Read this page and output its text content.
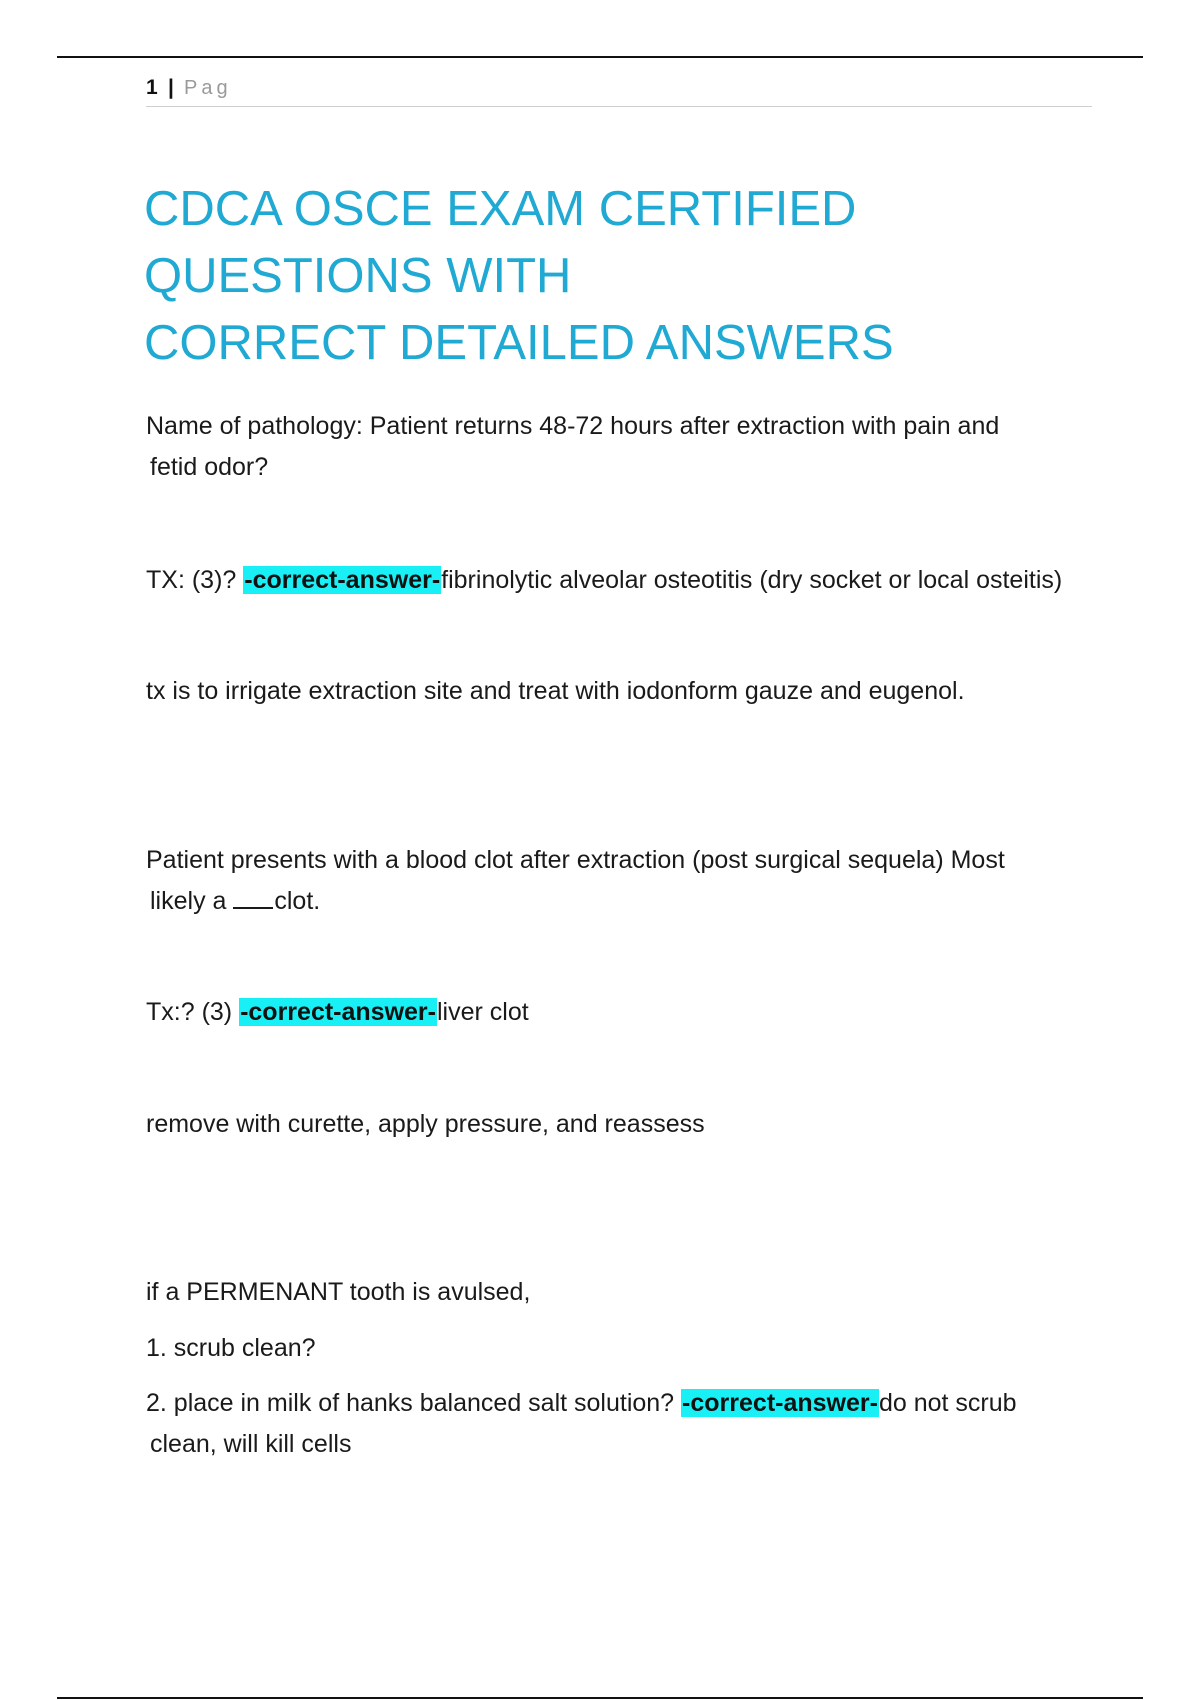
1 | Pag
CDCA OSCE EXAM CERTIFIED QUESTIONS WITH
CORRECT DETAILED ANSWERS
Name of pathology: Patient returns 48-72 hours after extraction with pain and
fetid odor?
TX: (3)? -correct-answer-fibrinolytic alveolar osteotitis (dry socket or local osteitis)
tx is to irrigate extraction site and treat with iodonform gauze and eugenol.
Patient presents with a blood clot after extraction (post surgical sequela) Most
likely a clot.
Tx:? (3) -correct-answer-liver clot
remove with curette, apply pressure, and reassess
if a PERMENANT tooth is avulsed,
1. scrub clean?
2. place in milk of hanks balanced salt solution? -correct-answer-do not scrub
clean, will kill cells
